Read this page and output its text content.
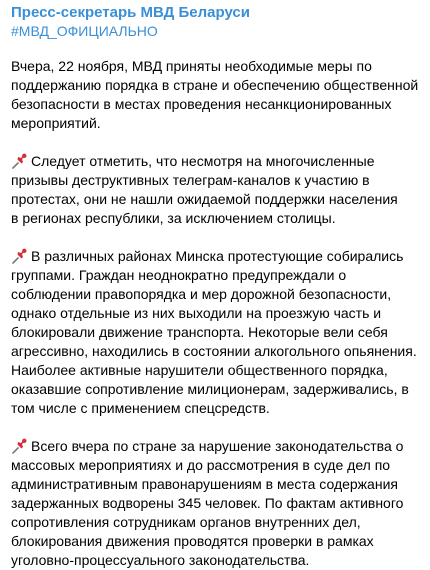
Пресс-секретарь МВД Беларуси
#МВД_ОФИЦИАЛЬНО
Вчера, 22 ноября, МВД приняты необходимые меры по
поддержанию порядка в стране и обеспечению общественной
безопасности в местах проведения несанкционированных
мероприятий.
Следует отметить, что несмотря на многочисленные
призывы деструктивных телеграм-каналов к участию в
протестах, они не нашли ожидаемой поддержки населения
в регионах республики, за исключением столицы.
В различных районах Минска протестующие собирались
группами. Граждан неоднократно предупреждали о
соблюдении правопорядка и мер дорожной безопасности,
однако отдельные из них выходили на проезжую часть и
блокировали движение транспорта. Некоторые вели себя
агрессивно, находились в состоянии алкогольного опьянения.
Наиболее активные нарушители общественного порядка,
оказавшие сопротивление милиционерам, задерживались, в
том числе с применением спецсредств.
Всего вчера по стране за нарушение законодательства о
массовых мероприятиях и до рассмотрения в суде дел по
административным правонарушениям в места содержания
задержанных водворены 345 человек. По фактам активного
сопротивления сотрудникам органов внутренних дел,
блокирования движения проводятся проверки в рамках
уголовно-процессуального законодательства.
